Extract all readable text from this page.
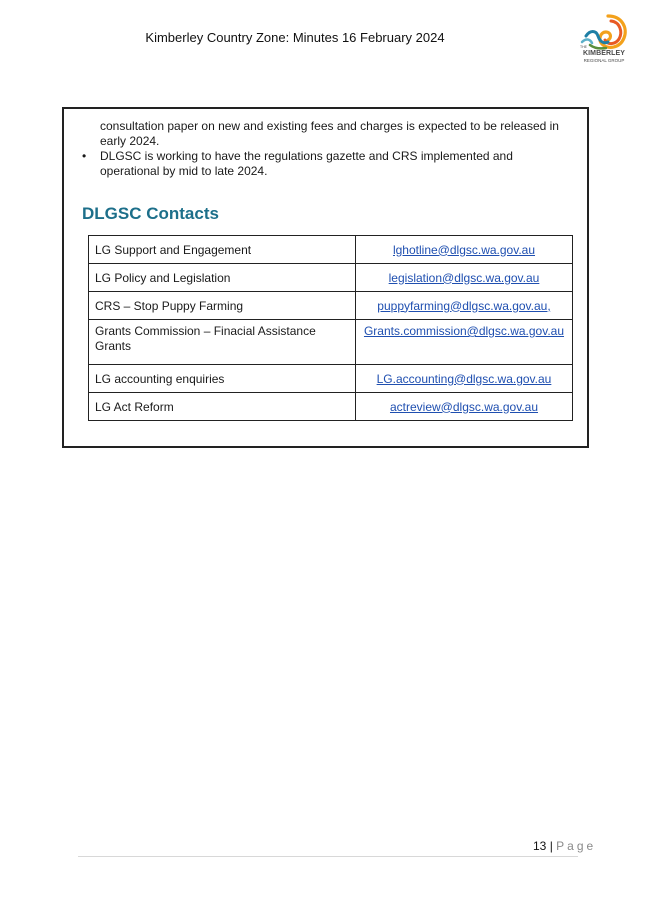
Kimberley Country Zone: Minutes 16 February 2024
THE
KIMBERLEY
REGIONAL GROUP

consultation paper on new and existing fees and charges is expected to be released in early 2024.

• DLGSC is working to have the regulations gazette and CRS implemented and operational by mid to late 2024.
DLGSC Contacts
LG Support and Engagement	lghotline@dlgsc.wa.gov.au
LG Policy and Legislation	legislation@dlgsc.wa.gov.au
CRS – Stop Puppy Farming	puppyfarming@dlgsc.wa.gov.au,
Grants Commission – Finacial Assistance Grants	Grants.commission@dlgsc.wa.gov.au
LG accounting enquiries	LG.accounting@dlgsc.wa.gov.au
LG Act Reform	actreview@dlgsc.wa.gov.au
13 | Page
